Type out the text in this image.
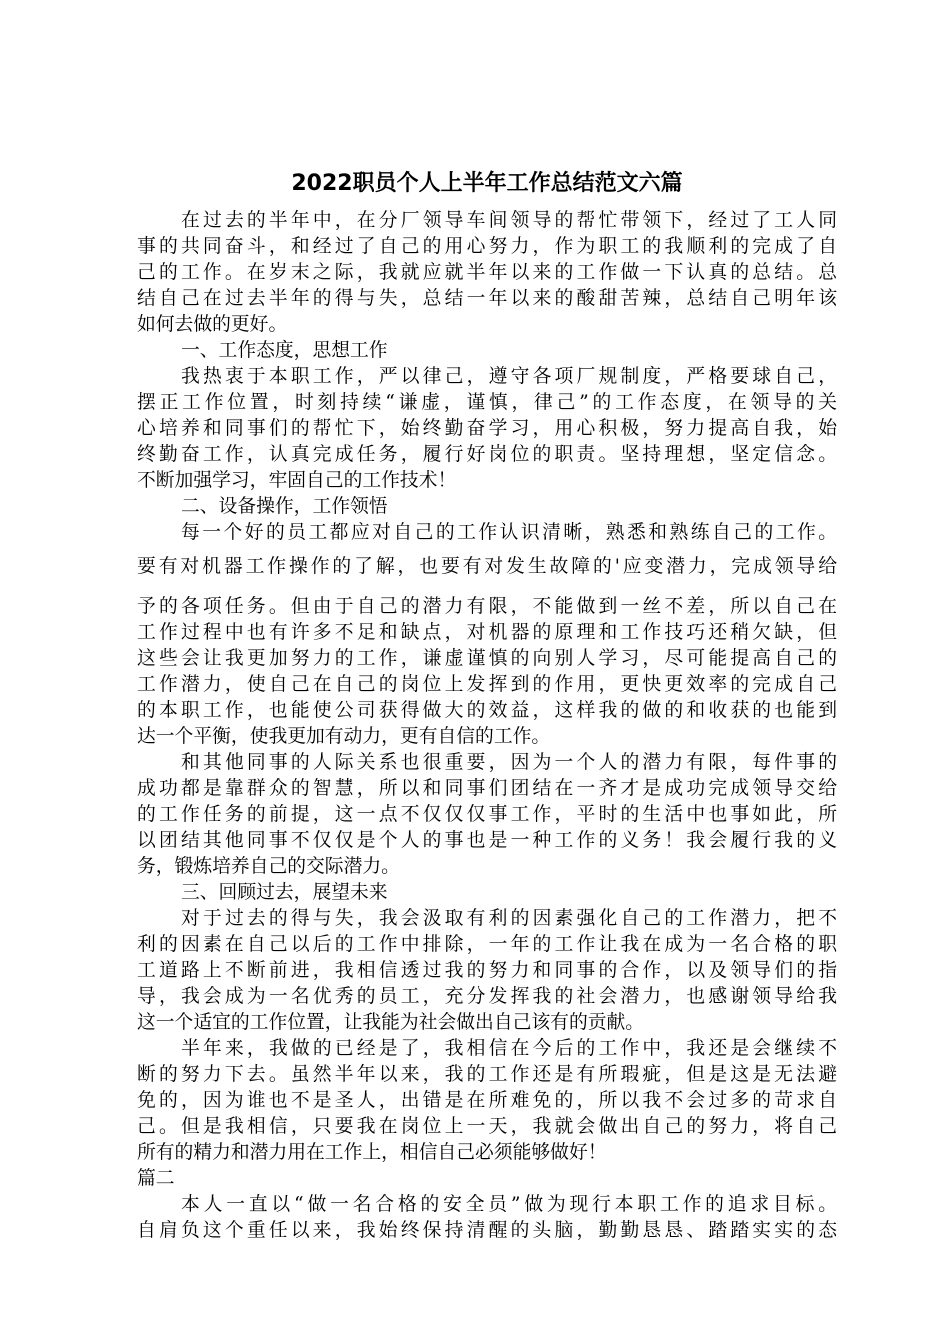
2022职员个人上半年工作总结范文六篇
在过去的半年中，在分厂领导车间领导的帮忙带领下，经过了工人同
事的共同奋斗，和经过了自己的用心努力，作为职工的我顺利的完成了自
己的工作。在岁末之际，我就应就半年以来的工作做一下认真的总结。总
结自己在过去半年的得与失，总结一年以来的酸甜苦辣，总结自己明年该
如何去做的更好。
一、工作态度，思想工作
我热衷于本职工作，严以律己，遵守各项厂规制度，严格要球自己，
摆正工作位置，时刻持续“谦虚，谨慎，律己”的工作态度，在领导的关
心培养和同事们的帮忙下，始终勤奋学习，用心积极，努力提高自我，始
终勤奋工作，认真完成任务，履行好岗位的职责。坚持理想，坚定信念。
不断加强学习，牢固自己的工作技术！
二、设备操作，工作领悟
每一个好的员工都应对自己的工作认识清晰，熟悉和熟练自己的工作。
要有对机器工作操作的了解，也要有对发生故障的'应变潜力，完成领导给
予的各项任务。但由于自己的潜力有限，不能做到一丝不差，所以自己在
工作过程中也有许多不足和缺点，对机器的原理和工作技巧还稍欠缺，但
这些会让我更加努力的工作，谦虚谨慎的向别人学习，尽可能提高自己的
工作潜力，使自己在自己的岗位上发挥到的作用，更快更效率的完成自己
的本职工作，也能使公司获得做大的效益，这样我的做的和收获的也能到
达一个平衡，使我更加有动力，更有自信的工作。
和其他同事的人际关系也很重要，因为一个人的潜力有限，每件事的
成功都是靠群众的智慧，所以和同事们团结在一齐才是成功完成领导交给
的工作任务的前提，这一点不仅仅仅事工作，平时的生活中也事如此，所
以团结其他同事不仅仅是个人的事也是一种工作的义务！我会履行我的义
务，锻炼培养自己的交际潜力。
三、回顾过去，展望未来
对于过去的得与失，我会汲取有利的因素强化自己的工作潜力，把不
利的因素在自己以后的工作中排除，一年的工作让我在成为一名合格的职
工道路上不断前进，我相信透过我的努力和同事的合作，以及领导们的指
导，我会成为一名优秀的员工，充分发挥我的社会潜力，也感谢领导给我
这一个适宜的工作位置，让我能为社会做出自己该有的贡献。
半年来，我做的已经是了，我相信在今后的工作中，我还是会继续不
断的努力下去。虽然半年以来，我的工作还是有所瑕疵，但是这是无法避
免的，因为谁也不是圣人，出错是在所难免的，所以我不会过多的苛求自
己。但是我相信，只要我在岗位上一天，我就会做出自己的努力，将自己
所有的精力和潜力用在工作上，相信自己必须能够做好！
篇二
本人一直以“做一名合格的安全员”做为现行本职工作的追求目标。
自肩负这个重任以来，我始终保持清醒的头脑，勤勤恳恳、踏踏实实的态
